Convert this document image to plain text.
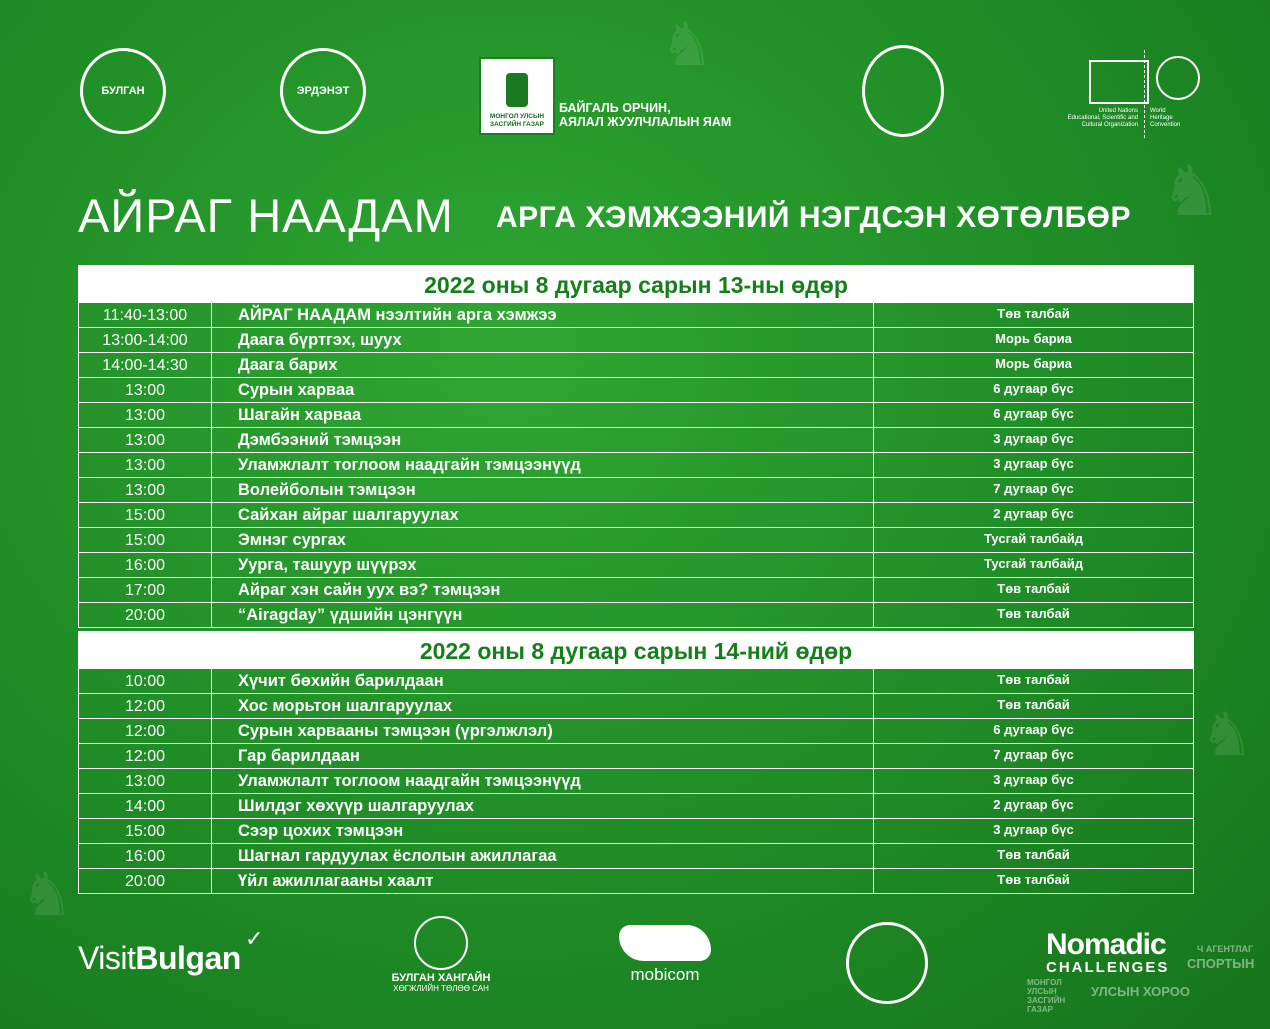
♞
♞
♞
♞
БУЛГАН	ЭРДЭНЭТ
МОНГОЛ УЛСЫН ЗАСГИЙН ГАЗАР
БАЙГАЛЬ ОРЧИН,
АЯЛАЛ ЖУУЛЧЛАЛЫН ЯАМ
United Nations
Educational, Scientific and
Cultural Organization
World
Heritage
Convention
АЙРАГ НААДАМ АРГА ХЭМЖЭЭНИЙ НЭГДСЭН ХӨТӨЛБӨР
2022 оны 8 дугаар сарын 13-ны өдөр
11:40-13:00	АЙРАГ НААДАМ нээлтийн арга хэмжээ	Төв талбай
13:00-14:00	Даага бүртгэх, шуух	Морь бариа
14:00-14:30	Даага барих	Морь бариа
13:00	Сурын харваа	6 дугаар бүс
13:00	Шагайн харваа	6 дугаар бүс
13:00	Дэмбээний тэмцээн	3 дугаар бүс
13:00	Уламжлалт тоглоом наадгайн тэмцээнүүд	3 дугаар бүс
13:00	Волейболын тэмцээн	7 дугаар бүс
15:00	Сайхан айраг шалгаруулах	2 дугаар бүс
15:00	Эмнэг сургах	Тусгай талбайд
16:00	Уурга, ташуур шүүрэх	Тусгай талбайд
17:00	Айраг хэн сайн уух вэ? тэмцээн	Төв талбай
20:00	“Airagday” үдшийн цэнгүүн	Төв талбай
2022 оны 8 дугаар сарын 14-ний өдөр
10:00	Хүчит бөхийн барилдаан	Төв талбай
12:00	Хос морьтон шалгаруулах	Төв талбай
12:00	Сурын харвааны тэмцээн (үргэлжлэл)	6 дугаар бүс
12:00	Гар барилдаан	7 дугаар бүс
13:00	Уламжлалт тоглоом наадгайн тэмцээнүүд	3 дугаар бүс
14:00	Шилдэг хөхүүр шалгаруулах	2 дугаар бүс
15:00	Сээр цохих тэмцээн	3 дугаар бүс
16:00	Шагнал гардуулах ёслолын ажиллагаа	Төв талбай
20:00	Үйл ажиллагааны хаалт	Төв талбай
VisitBulgan
✓
БУЛГАН ХАНГАЙН
ХӨГЖЛИЙН ТӨЛӨӨ САН
mobicom
Ч АГЕНТЛАГ
СПОРТЫН
УЛСЫН ХОРОО
МОНГОЛ УЛСЫН ЗАСГИЙН ГАЗАР
Nomadic
CHALLENGES
